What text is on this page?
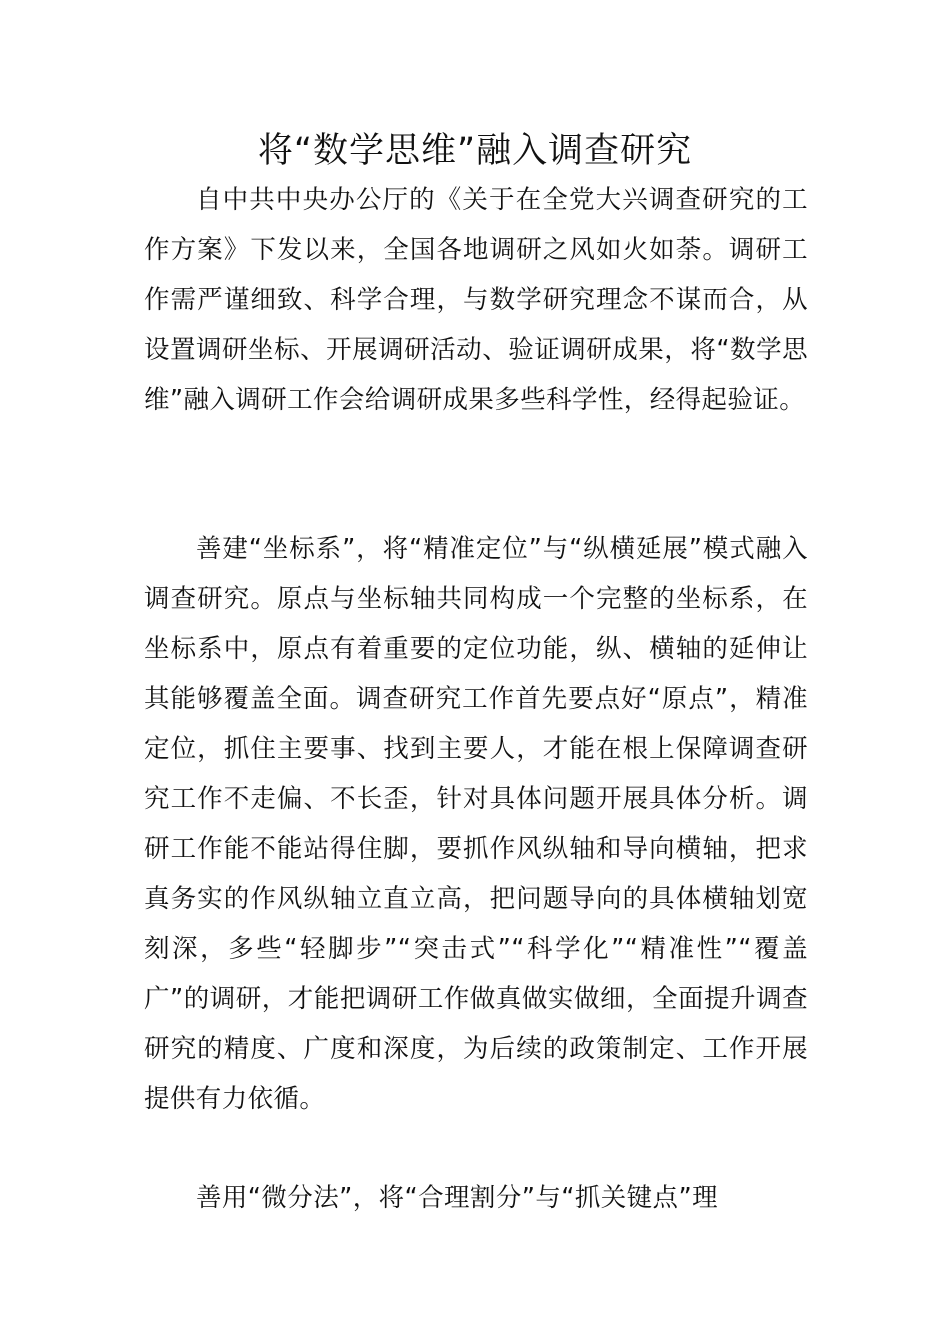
将“数学思维”融入调查研究

自中共中央办公厅的《关于在全党大兴调查研究的工作方案》下发以来，全国各地调研之风如火如荼。调研工作需严谨细致、科学合理，与数学研究理念不谋而合，从设置调研坐标、开展调研活动、验证调研成果，将“数学思维”融入调研工作会给调研成果多些科学性，经得起验证。

善建“坐标系”，将“精准定位”与“纵横延展”模式融入调查研究。原点与坐标轴共同构成一个完整的坐标系，在坐标系中，原点有着重要的定位功能，纵、横轴的延伸让其能够覆盖全面。调查研究工作首先要点好“原点”，精准定位，抓住主要事、找到主要人，才能在根上保障调查研究工作不走偏、不长歪，针对具体问题开展具体分析。调研工作能不能站得住脚，要抓作风纵轴和导向横轴，把求真务实的作风纵轴立直立高，把问题导向的具体横轴划宽刻深，多些“轻脚步”“突击式”“科学化”“精准性”“覆盖广”的调研，才能把调研工作做真做实做细，全面提升调查研究的精度、广度和深度，为后续的政策制定、工作开展提供有力依循。

善用“微分法”，将“合理割分”与“抓关键点”理
